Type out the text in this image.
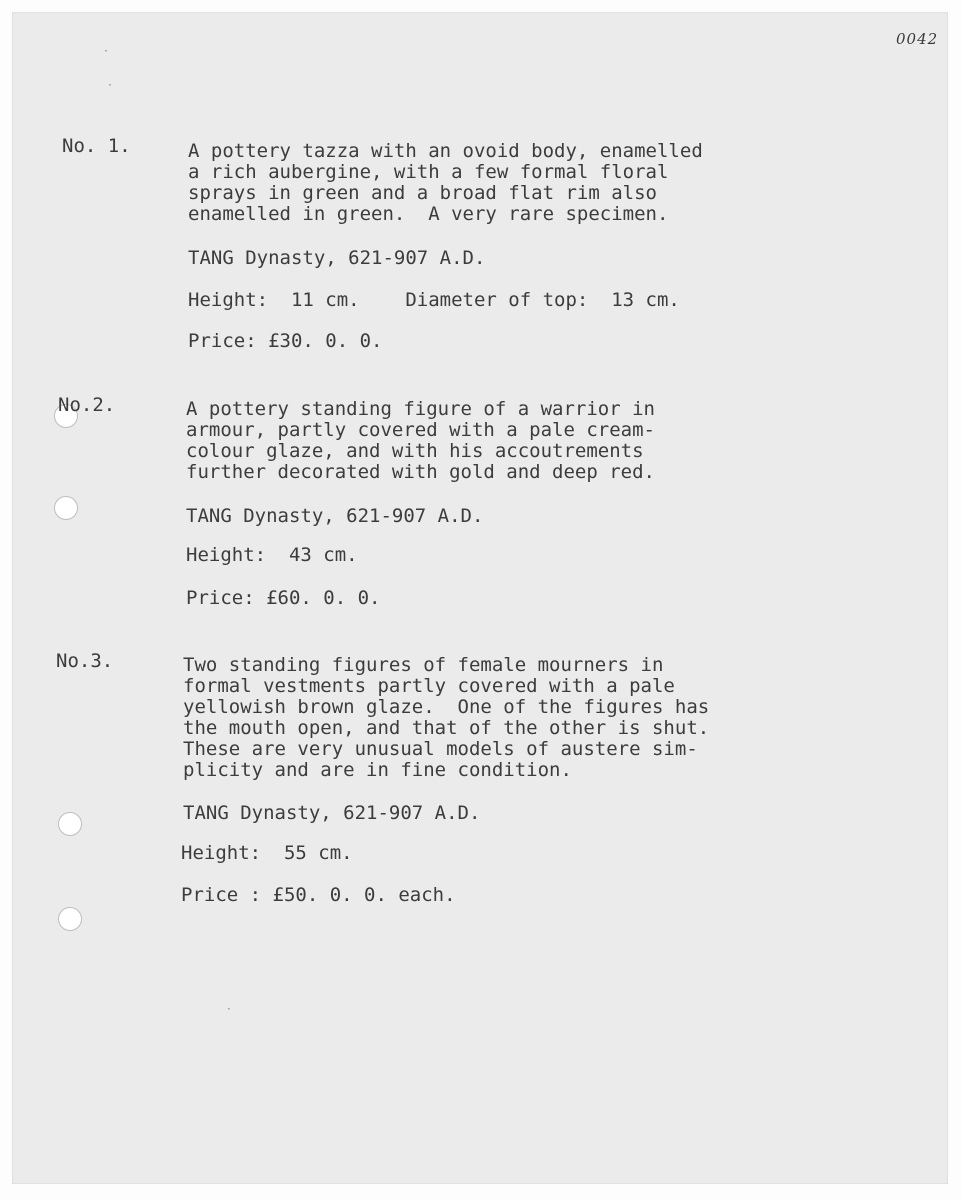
0042
·
·
·
No. 1.	A pottery tazza with an ovoid body, enamelled
a rich aubergine, with a few formal floral
sprays in green and a broad flat rim also
enamelled in green.  A very rare specimen.
TANG Dynasty, 621-907 A.D.
Height:  11 cm.    Diameter of top:  13 cm.
Price: £30. 0. 0.
No.2.	A pottery standing figure of a warrior in
armour, partly covered with a pale cream-
colour glaze, and with his accoutrements
further decorated with gold and deep red.
TANG Dynasty, 621-907 A.D.
Height:  43 cm.
Price: £60. 0. 0.
No.3.	Two standing figures of female mourners in
formal vestments partly covered with a pale
yellowish brown glaze.  One of the figures has
the mouth open, and that of the other is shut.
These are very unusual models of austere sim-
plicity and are in fine condition.
TANG Dynasty, 621-907 A.D.
Height:  55 cm.
Price : £50. 0. 0. each.
